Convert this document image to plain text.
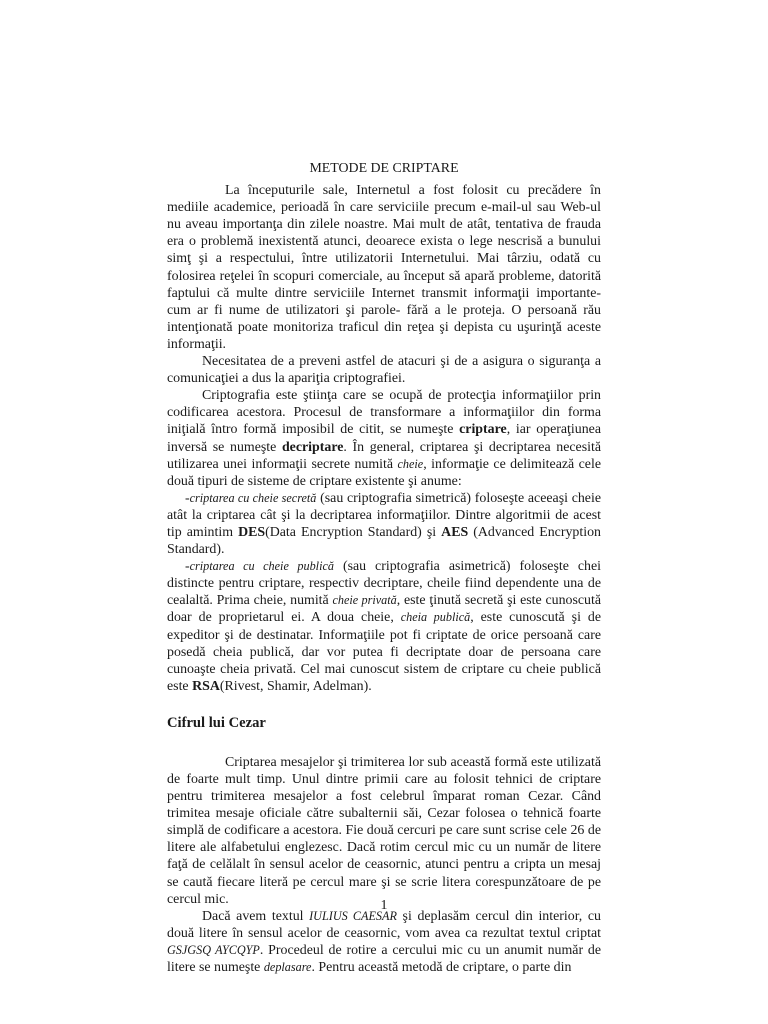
METODE DE CRIPTARE

La începuturile sale, Internetul a fost folosit cu precădere în mediile academice, perioadă în care serviciile precum e-mail-ul sau Web-ul nu aveau importanţa din zilele noastre. Mai mult de atât, tentativa de frauda era o problemă inexistentă atunci, deoarece exista o lege nescrisă a bunului simţ şi a respectului, între utilizatorii Internetului. Mai târziu, odată cu folosirea reţelei în scopuri comerciale, au început să apară probleme, datorită faptului că multe dintre serviciile Internet transmit informaţii importante- cum ar fi nume de utilizatori şi parole- fără a le proteja. O persoană rău intenţionată poate monitoriza traficul din reţea şi depista cu uşurinţă aceste informaţii.

Necesitatea de a preveni astfel de atacuri şi de a asigura o siguranţa a comunicaţiei a dus la apariţia criptografiei.

Criptografia este ştiinţa care se ocupă de protecţia informaţiilor prin codificarea acestora. Procesul de transformare a informaţiilor din forma iniţială întro formă imposibil de citit, se numeşte criptare, iar operaţiunea inversă se numeşte decriptare. În general, criptarea şi decriptarea necesită utilizarea unei informaţii secrete numită cheie, informaţie ce delimitează cele două tipuri de sisteme de criptare existente şi anume:

-criptarea cu cheie secretă (sau criptografia simetrică) foloseşte aceeaşi cheie atât la criptarea cât şi la decriptarea informaţiilor. Dintre algoritmii de acest tip amintim DES(Data Encryption Standard) şi AES (Advanced Encryption Standard).

-criptarea cu cheie publică (sau criptografia asimetrică) foloseşte chei distincte pentru criptare, respectiv decriptare, cheile fiind dependente una de cealaltă. Prima cheie, numită cheie privată, este ţinută secretă şi este cunoscută doar de proprietarul ei. A doua cheie, cheia publică, este cunoscută şi de expeditor şi de destinatar. Informaţiile pot fi criptate de orice persoană care posedă cheia publică, dar vor putea fi decriptate doar de persoana care cunoaşte cheia privată. Cel mai cunoscut sistem de criptare cu cheie publică este RSA(Rivest, Shamir, Adelman).

Cifrul lui Cezar

Criptarea mesajelor şi trimiterea lor sub această formă este utilizată de foarte mult timp. Unul dintre primii care au folosit tehnici de criptare pentru trimiterea mesajelor a fost celebrul împarat roman Cezar. Când trimitea mesaje oficiale către subalternii săi, Cezar folosea o tehnică foarte simplă de codificare a acestora. Fie două cercuri pe care sunt scrise cele 26 de litere ale alfabetului englezesc. Dacă rotim cercul mic cu un număr de litere faţă de celălalt în sensul acelor de ceasornic, atunci pentru a cripta un mesaj se caută fiecare literă pe cercul mare şi se scrie litera corespunzătoare de pe cercul mic.

Dacă avem textul IULIUS CAESAR şi deplasăm cercul din interior, cu două litere în sensul acelor de ceasornic, vom avea ca rezultat textul criptat GSJGSQ AYCQYP. Procedeul de rotire a cercului mic cu un anumit număr de litere se numeşte deplasare. Pentru această metodă de criptare, o parte din

1
